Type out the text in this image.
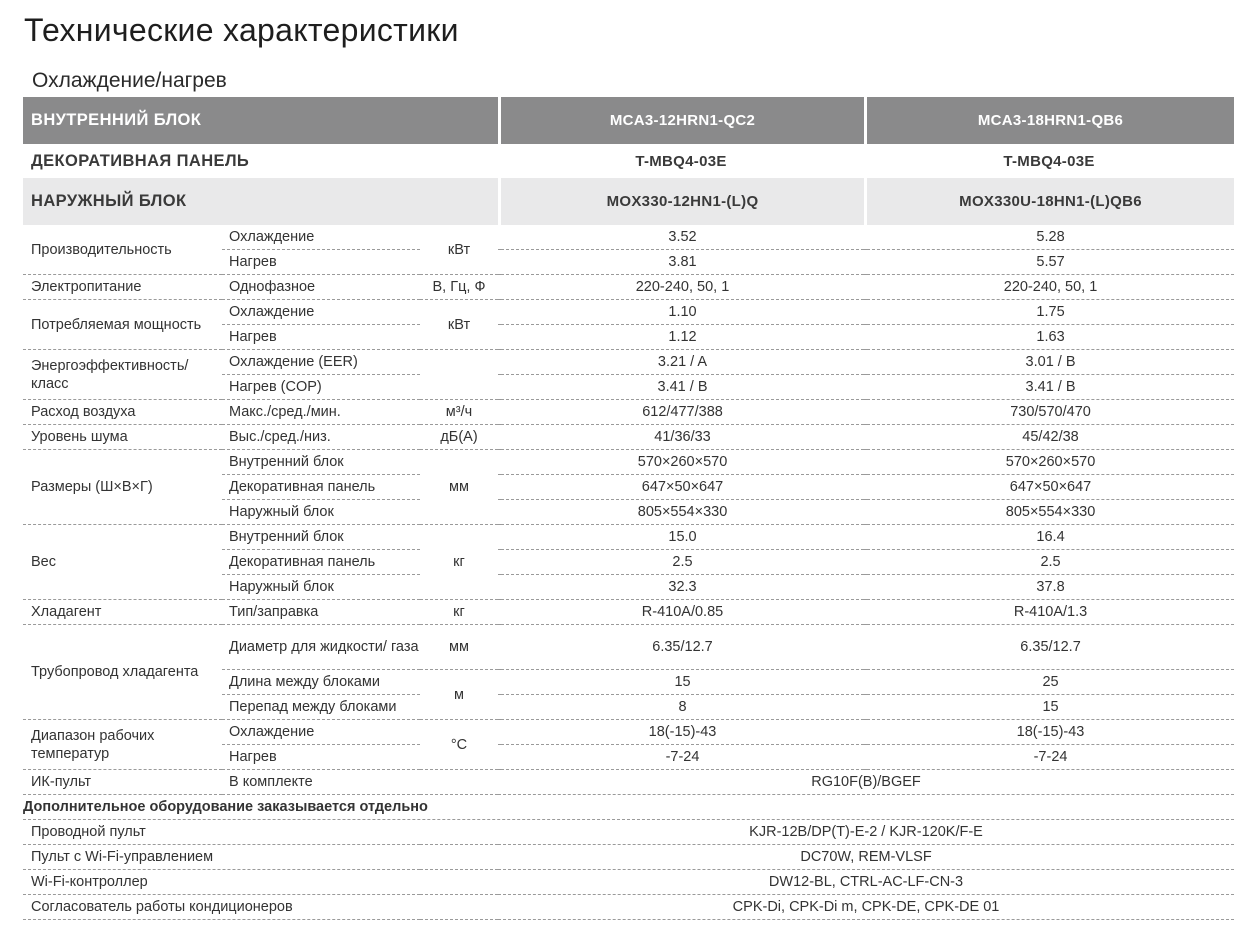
Технические характеристики
Охлаждение/нагрев
ВНУТРЕННИЙ БЛОК			MCA3-12HRN1-QC2		MCA3-18HRN1-QB6	
ДЕКОРАТИВНАЯ ПАНЕЛЬ			T-MBQ4-03E		T-MBQ4-03E	
НАРУЖНЫЙ БЛОК			MOX330-12HN1-(L)Q		MOX330U-18HN1-(L)QB6	
Производительность	Охлаждение	кВт		3.52		5.28
	Нагрев			3.81		5.57
Электропитание	Однофазное	В, Гц, Ф		220-240, 50, 1		220-240, 50, 1
Потребляемая мощность	Охлаждение	кВт		1.10		1.75
	Нагрев			1.12		1.63
Энергоэффективность/ класс	Охлаждение (EER)			3.21 / A		3.01 / B
	Нагрев (COP)			3.41 / B		3.41 / B
Расход воздуха	Макс./сред./мин.	м³/ч		612/477/388		730/570/470
Уровень шума	Выс./сред./низ.	дБ(А)		41/36/33		45/42/38
Размеры (Ш×В×Г)	Внутренний блок	мм		570×260×570		570×260×570
	Декоративная панель			647×50×647		647×50×647
	Наружный блок			805×554×330		805×554×330
Вес	Внутренний блок	кг		15.0		16.4
	Декоративная панель			2.5		2.5
	Наружный блок			32.3		37.8
Хладагент	Тип/заправка	кг		R-410A/0.85		R-410A/1.3
Трубопровод хладагента	Диаметр для жидкости/ газа	мм		6.35/12.7		6.35/12.7
	Длина между блоками	м		15		25
	Перепад между блоками			8		15
Диапазон рабочих температур	Охлаждение	°С		18(-15)-43		18(-15)-43
	Нагрев			-7-24		-7-24
ИК-пульт	В комплекте		RG10F(B)/BGEF			
Дополнительное оборудование заказывается отдельно						
Проводной пульт			KJR-12B/DP(T)-E-2 / KJR-120K/F-E			
Пульт с Wi-Fi-управлением			DC70W, REM-VLSF			
Wi-Fi-контроллер			DW12-BL, CTRL-AC-LF-CN-3			
Согласователь работы кондиционеров			CPK-Di, CPK-Di m, CPK-DE, CPK-DE 01			
